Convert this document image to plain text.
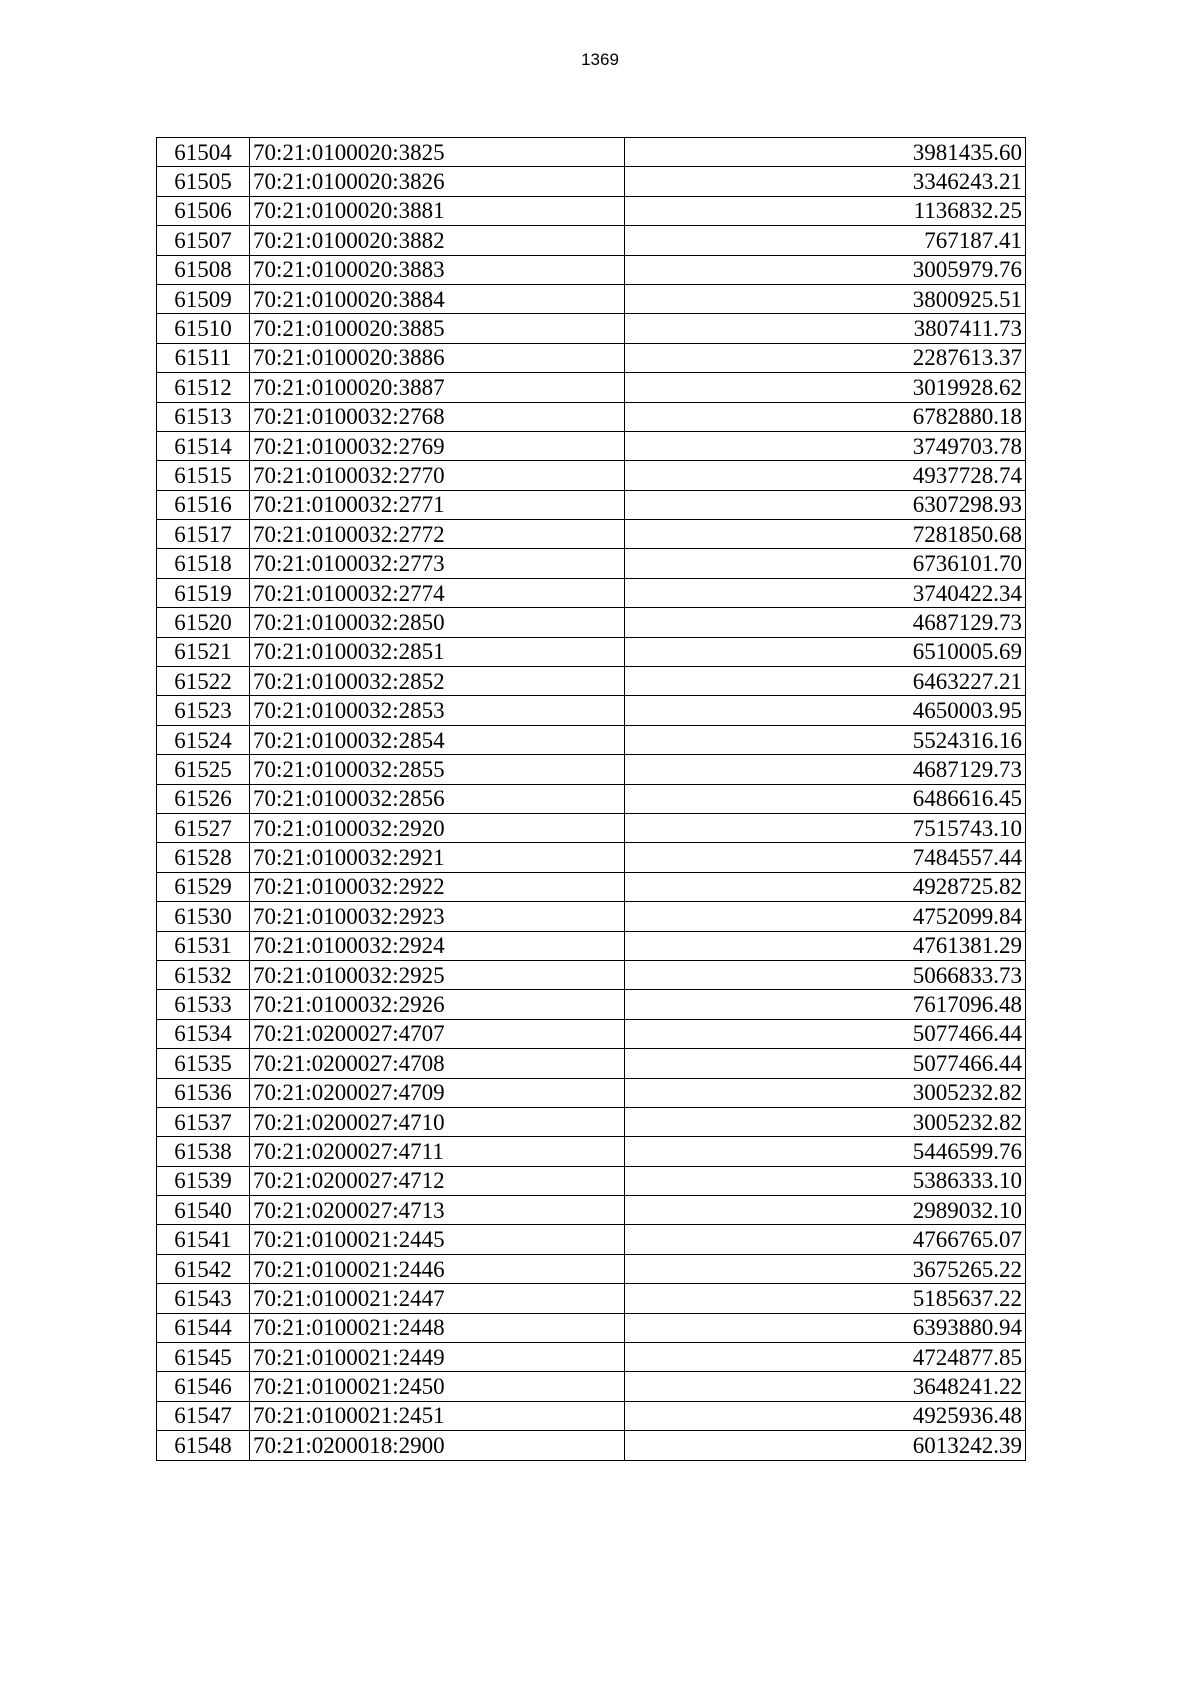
1369
61504	70:21:0100020:3825	3981435.60
61505	70:21:0100020:3826	3346243.21
61506	70:21:0100020:3881	1136832.25
61507	70:21:0100020:3882	767187.41
61508	70:21:0100020:3883	3005979.76
61509	70:21:0100020:3884	3800925.51
61510	70:21:0100020:3885	3807411.73
61511	70:21:0100020:3886	2287613.37
61512	70:21:0100020:3887	3019928.62
61513	70:21:0100032:2768	6782880.18
61514	70:21:0100032:2769	3749703.78
61515	70:21:0100032:2770	4937728.74
61516	70:21:0100032:2771	6307298.93
61517	70:21:0100032:2772	7281850.68
61518	70:21:0100032:2773	6736101.70
61519	70:21:0100032:2774	3740422.34
61520	70:21:0100032:2850	4687129.73
61521	70:21:0100032:2851	6510005.69
61522	70:21:0100032:2852	6463227.21
61523	70:21:0100032:2853	4650003.95
61524	70:21:0100032:2854	5524316.16
61525	70:21:0100032:2855	4687129.73
61526	70:21:0100032:2856	6486616.45
61527	70:21:0100032:2920	7515743.10
61528	70:21:0100032:2921	7484557.44
61529	70:21:0100032:2922	4928725.82
61530	70:21:0100032:2923	4752099.84
61531	70:21:0100032:2924	4761381.29
61532	70:21:0100032:2925	5066833.73
61533	70:21:0100032:2926	7617096.48
61534	70:21:0200027:4707	5077466.44
61535	70:21:0200027:4708	5077466.44
61536	70:21:0200027:4709	3005232.82
61537	70:21:0200027:4710	3005232.82
61538	70:21:0200027:4711	5446599.76
61539	70:21:0200027:4712	5386333.10
61540	70:21:0200027:4713	2989032.10
61541	70:21:0100021:2445	4766765.07
61542	70:21:0100021:2446	3675265.22
61543	70:21:0100021:2447	5185637.22
61544	70:21:0100021:2448	6393880.94
61545	70:21:0100021:2449	4724877.85
61546	70:21:0100021:2450	3648241.22
61547	70:21:0100021:2451	4925936.48
61548	70:21:0200018:2900	6013242.39
